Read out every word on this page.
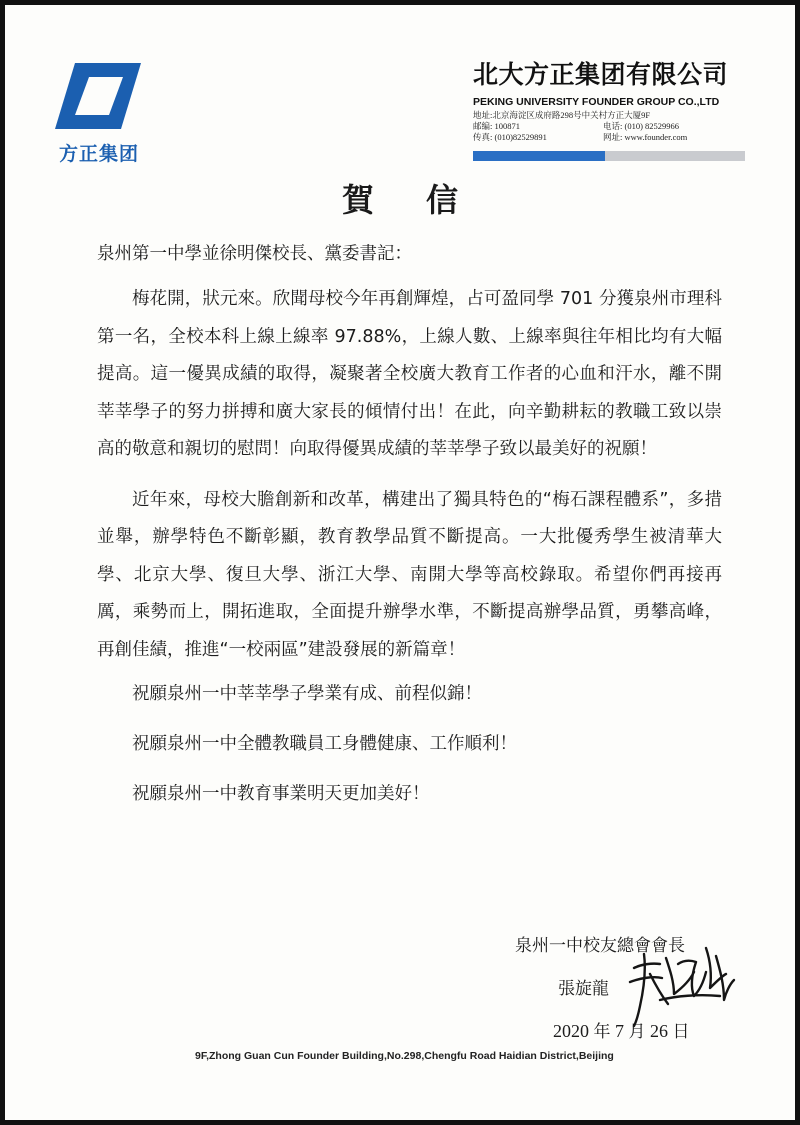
方正集团
北大方正集团有限公司
PEKING UNIVERSITY FOUNDER GROUP CO.,LTD
地址:北京海淀区成府路298号中关村方正大厦9F
邮编: 100871	电话: (010) 82529966
传真: (010)82529891	网址: www.founder.com
賀信

泉州第一中學並徐明傑校長、黨委書記：

梅花開，狀元來。欣聞母校今年再創輝煌，占可盈同學 701 分獲泉州市理科第一名，全校本科上線上線率 97.88%，上線人數、上線率與往年相比均有大幅提高。這一優異成績的取得，凝聚著全校廣大教育工作者的心血和汗水，離不開莘莘學子的努力拼搏和廣大家長的傾情付出！在此，向辛勤耕耘的教職工致以崇高的敬意和親切的慰問！向取得優異成績的莘莘學子致以最美好的祝願！

近年來，母校大膽創新和改革，構建出了獨具特色的“梅石課程體系”，多措並舉，辦學特色不斷彰顯，教育教學品質不斷提高。一大批優秀學生被清華大學、北京大學、復旦大學、浙江大學、南開大學等高校錄取。希望你們再接再厲，乘勢而上，開拓進取，全面提升辦學水準，不斷提高辦學品質，勇攀高峰，再創佳績，推進“一校兩區”建設發展的新篇章！

祝願泉州一中莘莘學子學業有成、前程似錦！

祝願泉州一中全體教職員工身體健康、工作順利！

祝願泉州一中教育事業明天更加美好！

泉州一中校友總會會長
張旋龍
2020 年 7 月 26 日
9F,Zhong Guan Cun Founder Building,No.298,Chengfu Road Haidian District,Beijing
